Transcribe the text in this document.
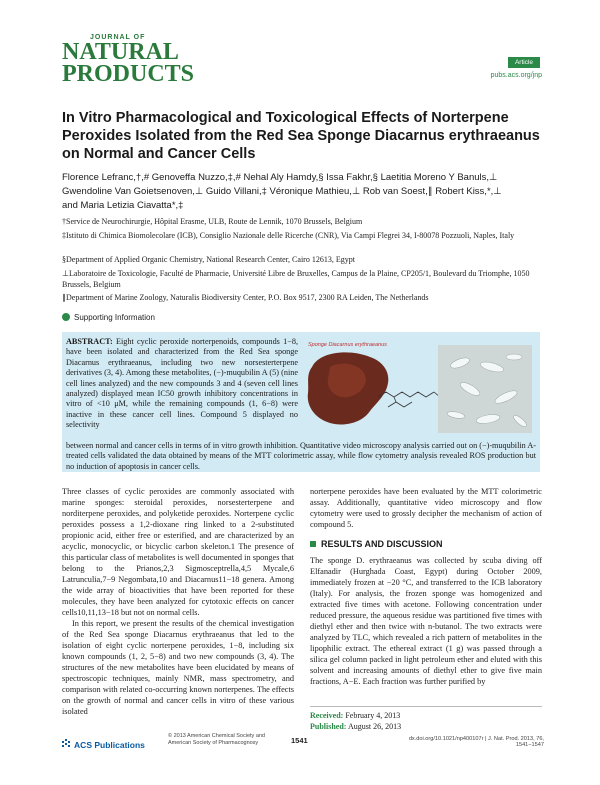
JOURNAL OF
NATURAL
PRODUCTS	Article
pubs.acs.org/jnp
In Vitro Pharmacological and Toxicological Effects of Norterpene Peroxides Isolated from the Red Sea Sponge Diacarnus erythraeanus on Normal and Cancer Cells
Florence Lefranc,†,# Genoveffa Nuzzo,‡,# Nehal Aly Hamdy,§ Issa Fakhr,§ Laetitia Moreno Y Banuls,⊥
Gwendoline Van Goietsenoven,⊥ Guido Villani,‡ Véronique Mathieu,⊥ Rob van Soest,∥ Robert Kiss,*,⊥
and Maria Letizia Ciavatta*,‡
†Service de Neurochirurgie, Hôpital Erasme, ULB, Route de Lennik, 1070 Brussels, Belgium
‡Istituto di Chimica Biomolecolare (ICB), Consiglio Nazionale delle Ricerche (CNR), Via Campi Flegrei 34, I-80078 Pozzuoli, Naples, Italy
§Department of Applied Organic Chemistry, National Research Center, Cairo 12613, Egypt
⊥Laboratoire de Toxicologie, Faculté de Pharmacie, Université Libre de Bruxelles, Campus de la Plaine, CP205/1, Boulevard du Triomphe, 1050 Brussels, Belgium
∥Department of Marine Zoology, Naturalis Biodiversity Center, P.O. Box 9517, 2300 RA Leiden, The Netherlands
Supporting Information
ABSTRACT: Eight cyclic peroxide norterpenoids, compounds 1−8, have been isolated and characterized from the Red Sea sponge Diacarnus erythraeanus, including two new norsesterterpene derivatives (3, 4). Among these metabolites, (−)-muqubilin A (5) (nine cell lines analyzed) and the new compounds 3 and 4 (seven cell lines analyzed) displayed mean IC50 growth inhibitory concentrations in vitro of <10 μM, while the remaining compounds (1, 6−8) were inactive in these cancer cell lines. Compound 5 displayed no selectivity
between normal and cancer cells in terms of in vitro growth inhibition. Quantitative video microscopy analysis carried out on (−)-muqubilin A-treated cells validated the data obtained by means of the MTT colorimetric assay, while flow cytometry analysis revealed ROS production but no induction of apoptosis in cancer cells.
Sponge Diacarnus erythraeanus
Three classes of cyclic peroxides are commonly associated with marine sponges: steroidal peroxides, norsesterterpene and norditerpene peroxides, and polyketide peroxides. Norterpene cyclic peroxides possess a 1,2-dioxane ring linked to a 2-substituted propionic acid, either free or esterified, and are characterized by an acyclic, monocyclic, or bicyclic carbon skeleton.1 The presence of this particular class of metabolites is well documented in sponges that belong to the Prianos,2,3 Sigmosceptrella,4,5 Mycale,6 Latrunculia,7−9 Negombata,10 and Diacarnus11−18 genera. Among the wide array of bioactivities that have been reported for these molecules, they have been analyzed for cytotoxic effects on cancer cells10,11,13−18 but not on normal cells.
In this report, we present the results of the chemical investigation of the Red Sea sponge Diacarnus erythraeanus that led to the isolation of eight cyclic norterpene peroxides, 1−8, including six known compounds (1, 2, 5−8) and two new compounds (3, 4). The structures of the new metabolites have been elucidated by means of spectroscopic techniques, mainly NMR, mass spectrometry, and comparison with related co-occurring known norterpenes. The effects on the growth of normal and cancer cells in vitro of these various isolated
norterpene peroxides have been evaluated by the MTT colorimetric assay. Additionally, quantitative video microscopy and flow cytometry were used to grossly decipher the mechanism of action of compound 5.
RESULTS AND DISCUSSION
The sponge D. erythraeanus was collected by scuba diving off Elfanadir (Hurghada Coast, Egypt) during October 2009, immediately frozen at −20 °C, and transferred to the ICB laboratory (Italy). For analysis, the frozen sponge was homogenized and extracted five times with acetone. Following concentration under reduced pressure, the aqueous residue was partitioned five times with diethyl ether and then twice with n-butanol. The two extracts were analyzed by TLC, which revealed a rich pattern of metabolites in the lipophilic extract. The ethereal extract (1 g) was passed through a silica gel column packed in light petroleum ether and eluted with this solvent and increasing amounts of diethyl ether to give five main fractions, A−E. Each fraction was further purified by
Received: February 4, 2013
Published: August 26, 2013
ACS Publications
© 2013 American Chemical Society and American Society of Pharmacognosy	1541	dx.doi.org/10.1021/np400107r | J. Nat. Prod. 2013, 76, 1541−1547
